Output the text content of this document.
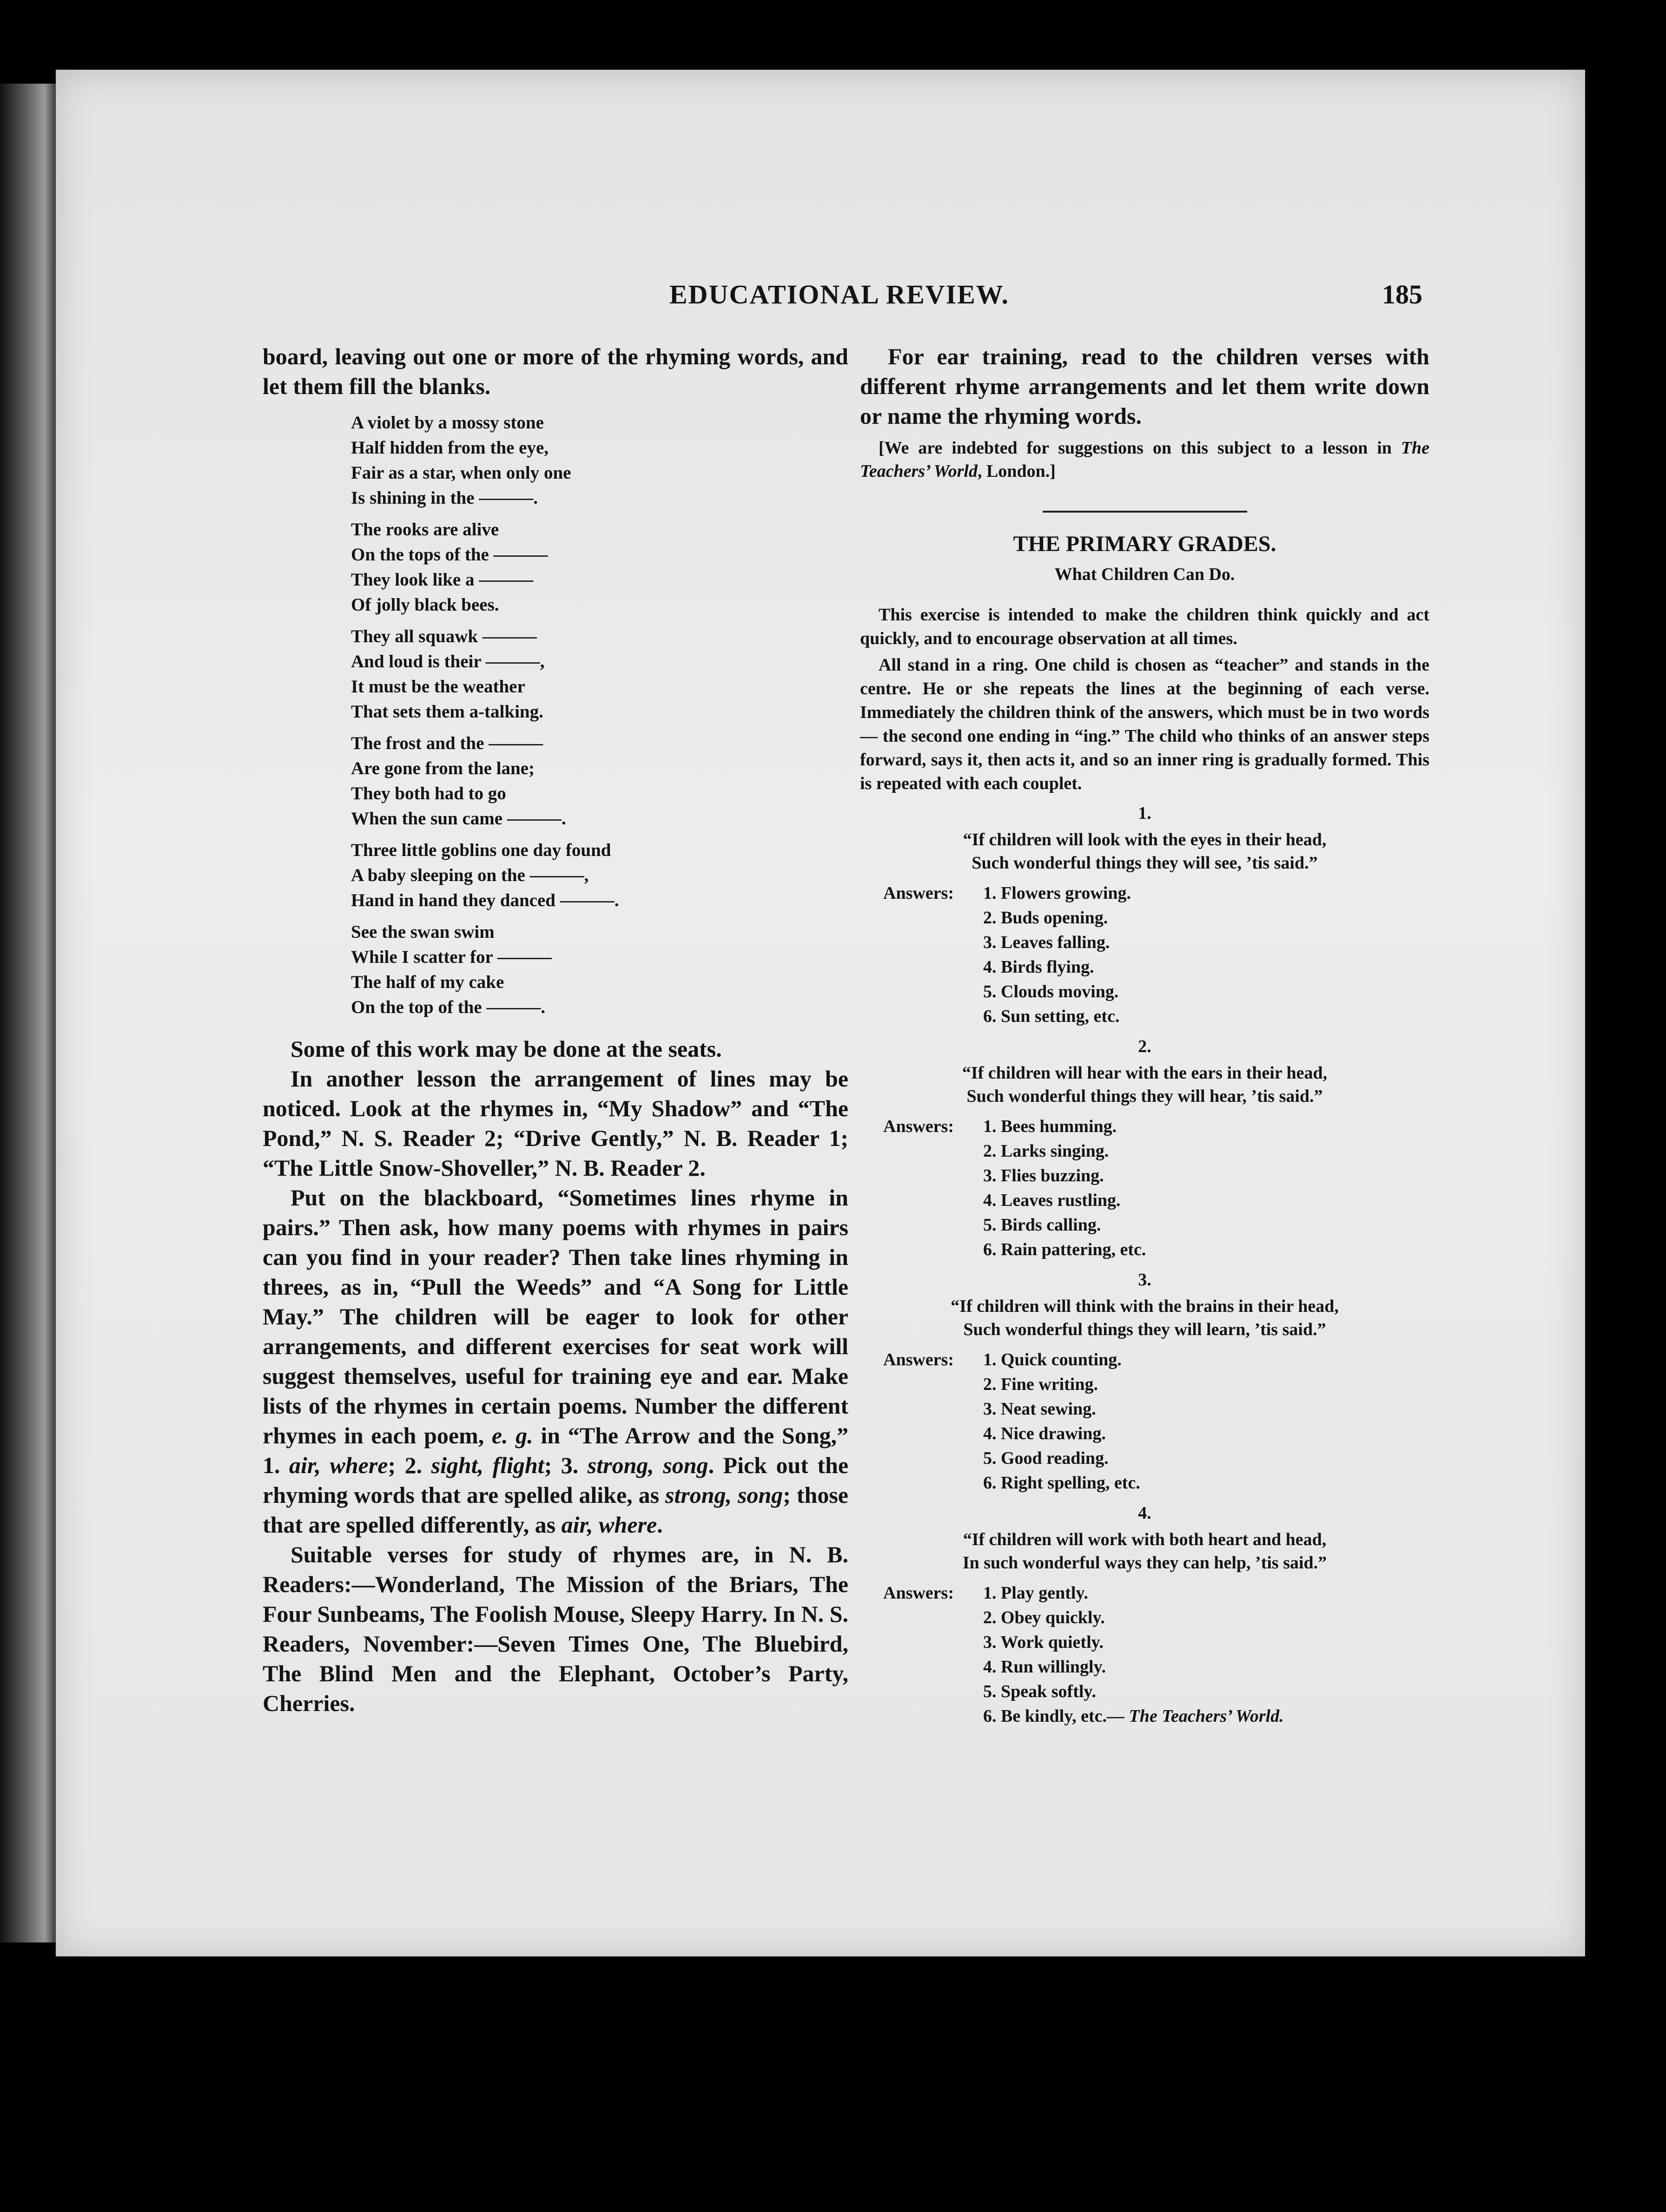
EDUCATIONAL REVIEW.	185

board, leaving out one or more of the rhyming words, and let them fill the blanks.

A violet by a mossy stone
Half hidden from the eye,
Fair as a star, when only one
Is shining in the ———.
The rooks are alive
On the tops of the ———
They look like a ———
Of jolly black bees.
They all squawk ———
And loud is their ———,
It must be the weather
That sets them a-talking.
The frost and the ———
Are gone from the lane;
They both had to go
When the sun came ———.
Three little goblins one day found
A baby sleeping on the ———,
Hand in hand they danced ———.
See the swan swim
While I scatter for ———
The half of my cake
On the top of the ———.

Some of this work may be done at the seats.

In another lesson the arrangement of lines may be noticed. Look at the rhymes in, “My Shadow” and “The Pond,” N. S. Reader 2; “Drive Gently,” N. B. Reader 1; “The Little Snow-Shoveller,” N. B. Reader 2.

Put on the blackboard, “Sometimes lines rhyme in pairs.” Then ask, how many poems with rhymes in pairs can you find in your reader? Then take lines rhyming in threes, as in, “Pull the Weeds” and “A Song for Little May.” The children will be eager to look for other arrangements, and different exercises for seat work will suggest themselves, useful for training eye and ear. Make lists of the rhymes in certain poems. Number the different rhymes in each poem, e. g. in “The Arrow and the Song,” 1. air, where; 2. sight, flight; 3. strong, song. Pick out the rhyming words that are spelled alike, as strong, song; those that are spelled differently, as air, where.

Suitable verses for study of rhymes are, in N. B. Readers:—Wonderland, The Mission of the Briars, The Four Sunbeams, The Foolish Mouse, Sleepy Harry. In N. S. Readers, November:—Seven Times One, The Bluebird, The Blind Men and the Elephant, October’s Party, Cherries.

For ear training, read to the children verses with different rhyme arrangements and let them write down or name the rhyming words.

[We are indebted for suggestions on this subject to a lesson in The Teachers’ World, London.]

THE PRIMARY GRADES.

What Children Can Do.

This exercise is intended to make the children think quickly and act quickly, and to encourage observation at all times.

All stand in a ring. One child is chosen as “teacher” and stands in the centre. He or she repeats the lines at the beginning of each verse. Immediately the children think of the answers, which must be in two words — the second one ending in “ing.” The child who thinks of an answer steps forward, says it, then acts it, and so an inner ring is gradually formed. This is repeated with each couplet.

1.

“If children will look with the eyes in their head,

Such wonderful things they will see, ’tis said.”

Answers:	1. Flowers growing.
2. Buds opening.
3. Leaves falling.
4. Birds flying.
5. Clouds moving.
6. Sun setting, etc.

2.

“If children will hear with the ears in their head,

Such wonderful things they will hear, ’tis said.”

Answers:	1. Bees humming.
2. Larks singing.
3. Flies buzzing.
4. Leaves rustling.
5. Birds calling.
6. Rain pattering, etc.

3.

“If children will think with the brains in their head,

Such wonderful things they will learn, ’tis said.”

Answers:	1. Quick counting.
2. Fine writing.
3. Neat sewing.
4. Nice drawing.
5. Good reading.
6. Right spelling, etc.

4.

“If children will work with both heart and head,

In such wonderful ways they can help, ’tis said.”

Answers:	1. Play gently.
2. Obey quickly.
3. Work quietly.
4. Run willingly.
5. Speak softly.
6. Be kindly, etc.— The Teachers’ World.
